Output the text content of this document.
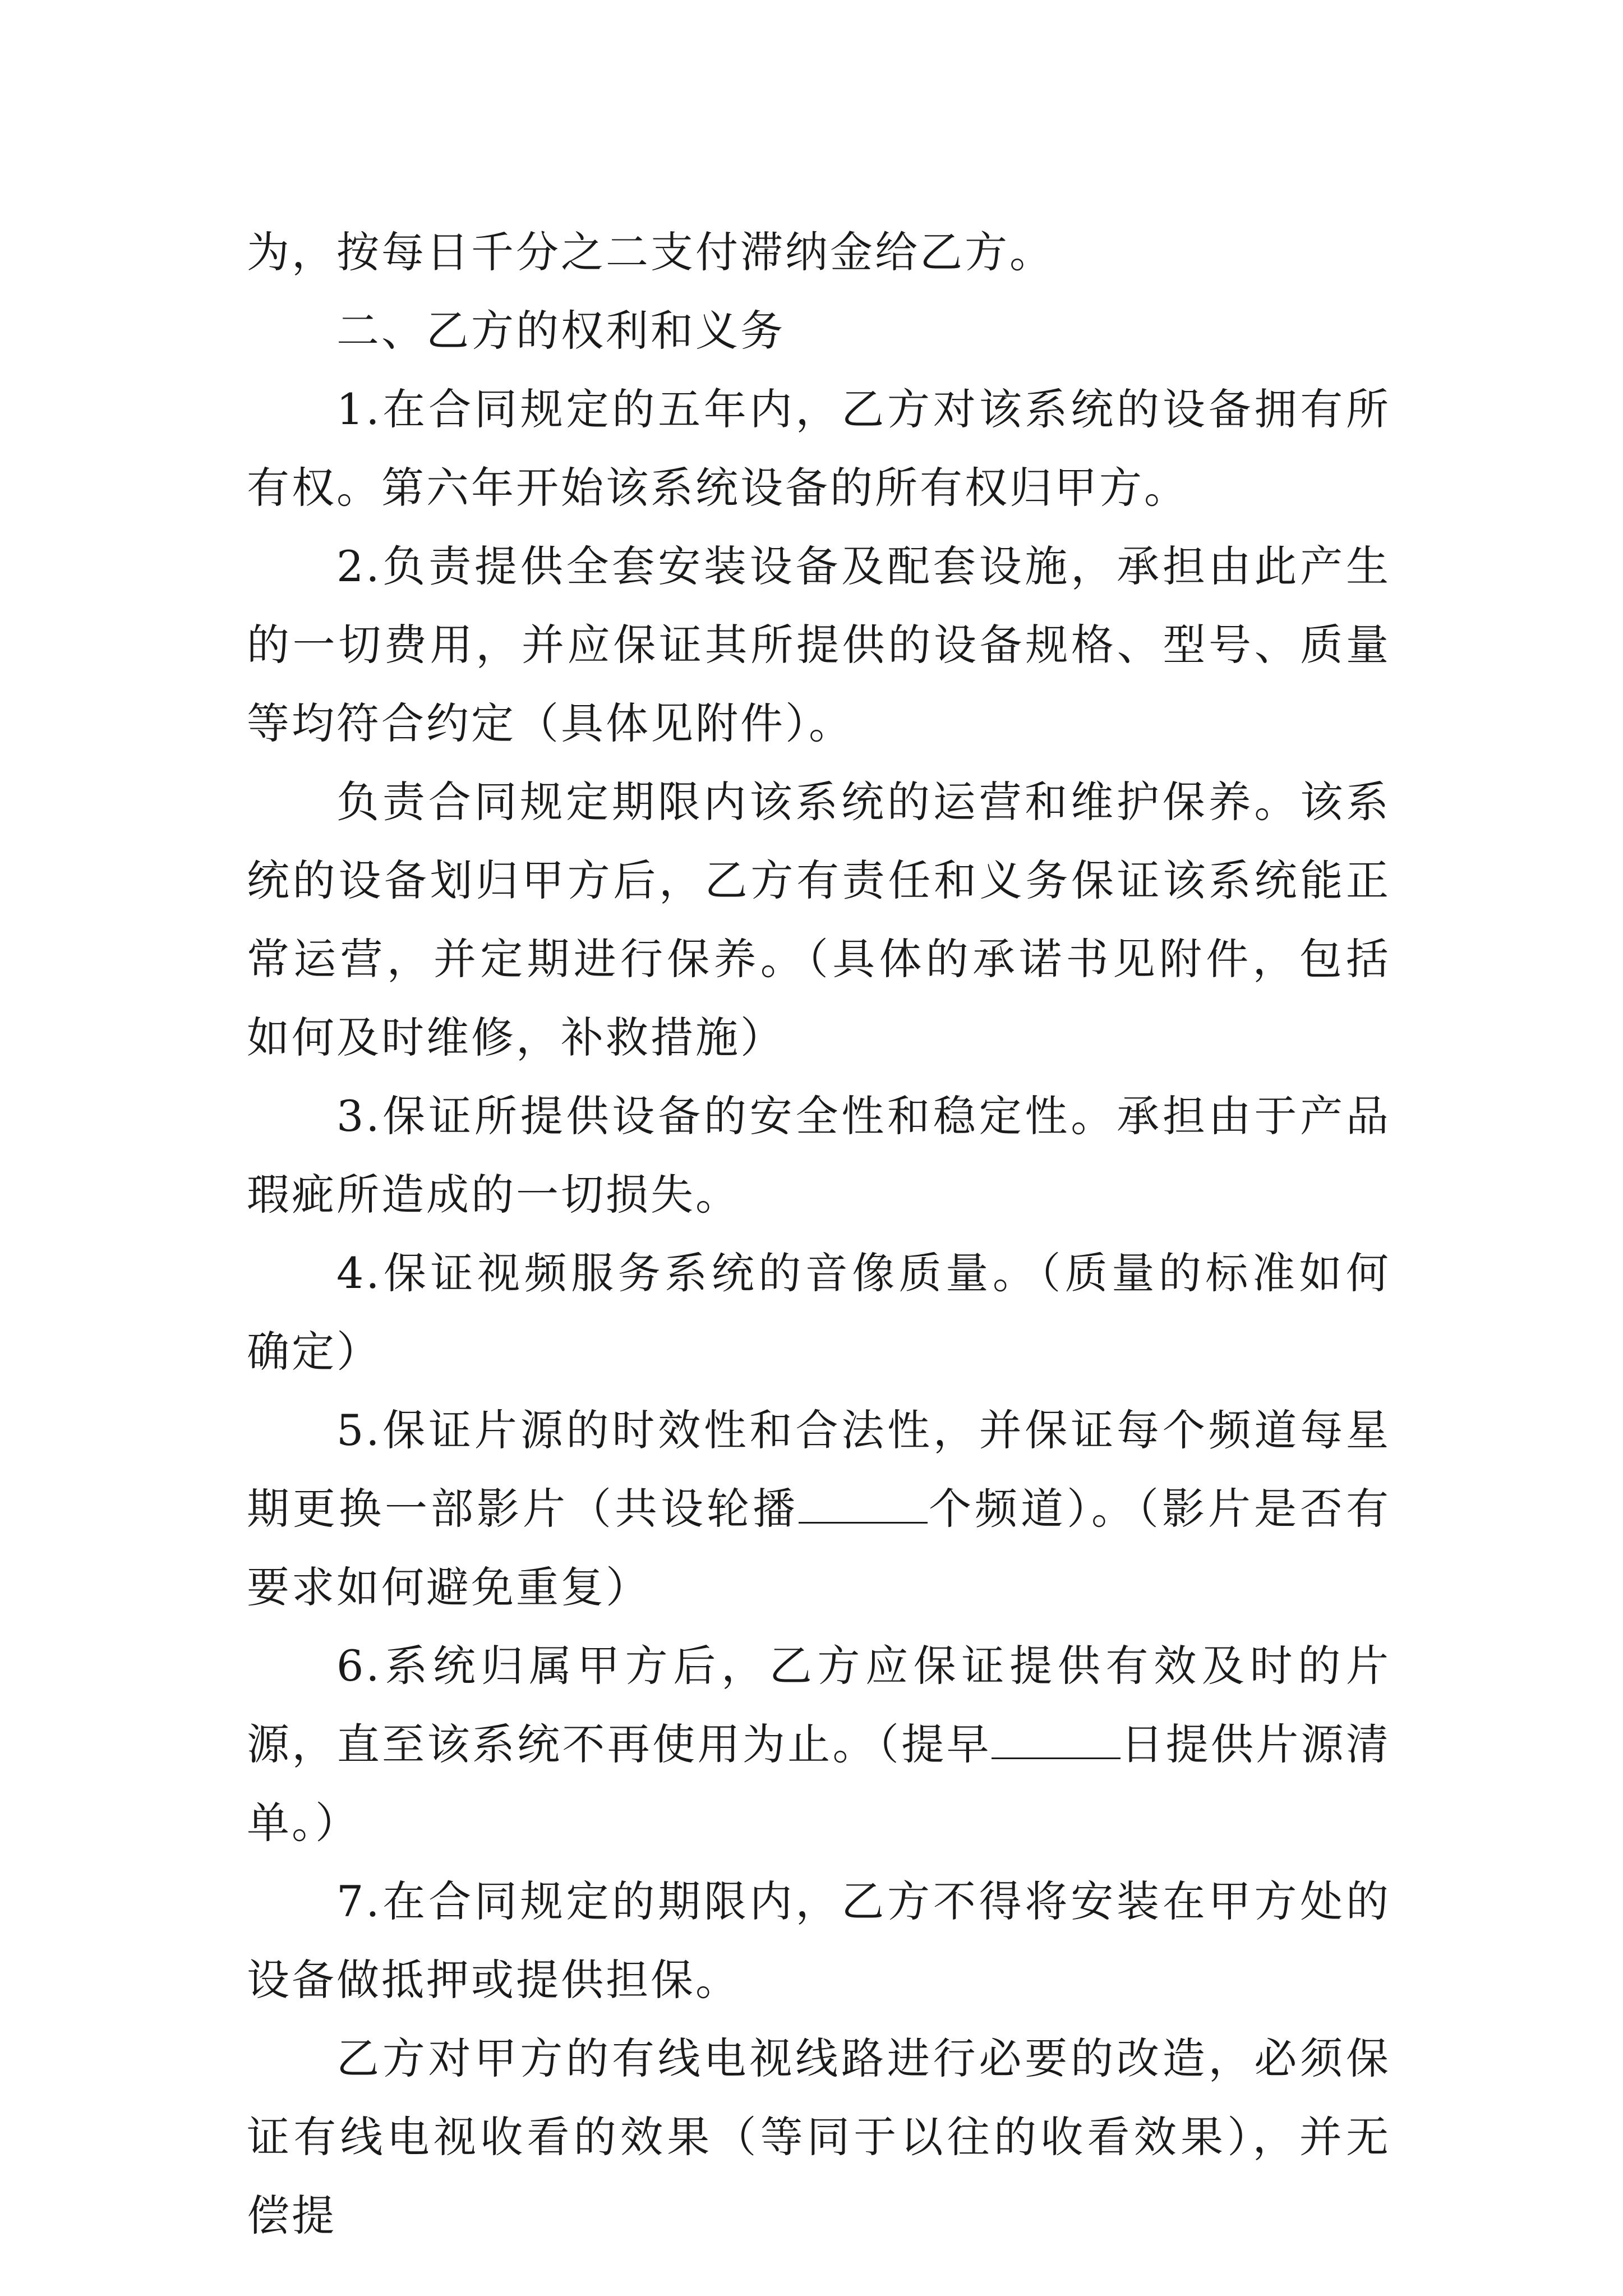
为，按每日千分之二支付滞纳金给乙方。

二、乙方的权利和义务

1.在合同规定的五年内，乙方对该系统的设备拥有所有权。第六年开始该系统设备的所有权归甲方。

2.负责提供全套安装设备及配套设施，承担由此产生的一切费用，并应保证其所提供的设备规格、型号、质量等均符合约定（具体见附件）。

负责合同规定期限内该系统的运营和维护保养。该系统的设备划归甲方后，乙方有责任和义务保证该系统能正常运营，并定期进行保养。（具体的承诺书见附件，包括如何及时维修，补救措施）

3.保证所提供设备的安全性和稳定性。承担由于产品瑕疵所造成的一切损失。

4.保证视频服务系统的音像质量。（质量的标准如何确定）

5.保证片源的时效性和合法性，并保证每个频道每星期更换一部影片（共设轮播	个频道）。（影片是否有要求如何避免重复）

6.系统归属甲方后，乙方应保证提供有效及时的片源，直至该系统不再使用为止。（提早	日提供片源清单。）

7.在合同规定的期限内，乙方不得将安装在甲方处的设备做抵押或提供担保。

乙方对甲方的有线电视线路进行必要的改造，必须保证有线电视收看的效果（等同于以往的收看效果），并无偿提
